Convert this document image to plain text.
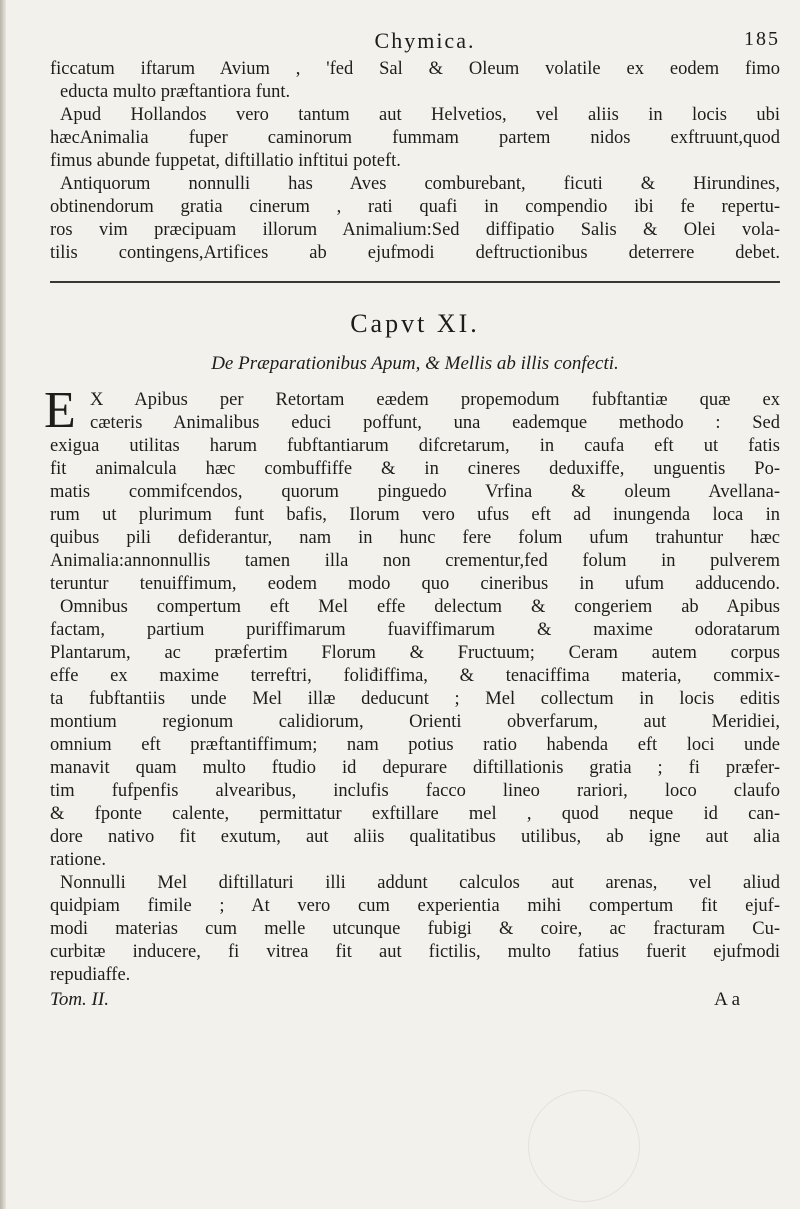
Chymica.	185
ficcatum iftarum Avium , 'fed Sal & Oleum volatile ex eodem fimo
educta multo præftantiora funt.
Apud Hollandos vero tantum aut Helvetios, vel aliis in locis ubi
hæcAnimalia fuper caminorum fummam partem nidos exftruunt,quod
fimus abunde fuppetat, diftillatio inftitui poteft.
Antiquorum nonnulli has Aves comburebant, ficuti & Hirundines,
obtinendorum gratia cinerum , rati quafi in compendio ibi fe repertu-
ros vim præcipuam illorum Animalium:Sed diffipatio Salis & Olei vola-
tilis contingens,Artifices ab ejufmodi deftructionibus deterrere debet.
Capvt XI.
De Præparationibus Apum, & Mellis ab illis confecti.
E X Apibus per Retortam eædem propemodum fubftantiæ quæ ex
cæteris Animalibus educi poffunt, una eademque methodo : Sed
exigua utilitas harum fubftantiarum difcretarum, in caufa eft ut fatis
fit animalcula hæc combuffiffe & in cineres deduxiffe, unguentis Po-
matis commifcendos, quorum pinguedo Vrfina & oleum Avellana-
rum ut plurimum funt bafis, Ilorum vero ufus eft ad inungenda loca in
quibus pili defiderantur, nam in hunc fere folum ufum trahuntur hæc
Animalia:annonnullis tamen illa non crementur,fed folum in pulverem
teruntur tenuiffimum, eodem modo quo cineribus in ufum adducendo.
Omnibus compertum eft Mel effe delectum & congeriem ab Apibus
factam, partium puriffimarum fuaviffimarum & maxime odoratarum
Plantarum, ac præfertim Florum & Fructuum; Ceram autem corpus
effe ex maxime terreftri, foliđiffima, & tenaciffima materia, commix-
ta fubftantiis unde Mel illæ deducunt ; Mel collectum in locis editis
montium regionum calidiorum, Orienti obverfarum, aut Meridiei,
omnium eft præftantiffimum; nam potius ratio habenda eft loci unde
manavit quam multo ftudio id depurare diftillationis gratia ; fi præfer-
tim fufpenfis alvearibus, inclufis facco lineo rariori, loco claufo
& fponte calente, permittatur exftillare mel , quod neque id can-
dore nativo fit exutum, aut aliis qualitatibus utilibus, ab igne aut alia
ratione.
Nonnulli Mel diftillaturi illi addunt calculos aut arenas, vel aliud
quidpiam fimile ; At vero cum experientia mihi compertum fit ejuf-
modi materias cum melle utcunque fubigi & coire, ac fracturam Cu-
curbitæ inducere, fi vitrea fit aut fictilis, multo fatius fuerit ejufmodi
repudiaffe.
Tom. II.	A a
